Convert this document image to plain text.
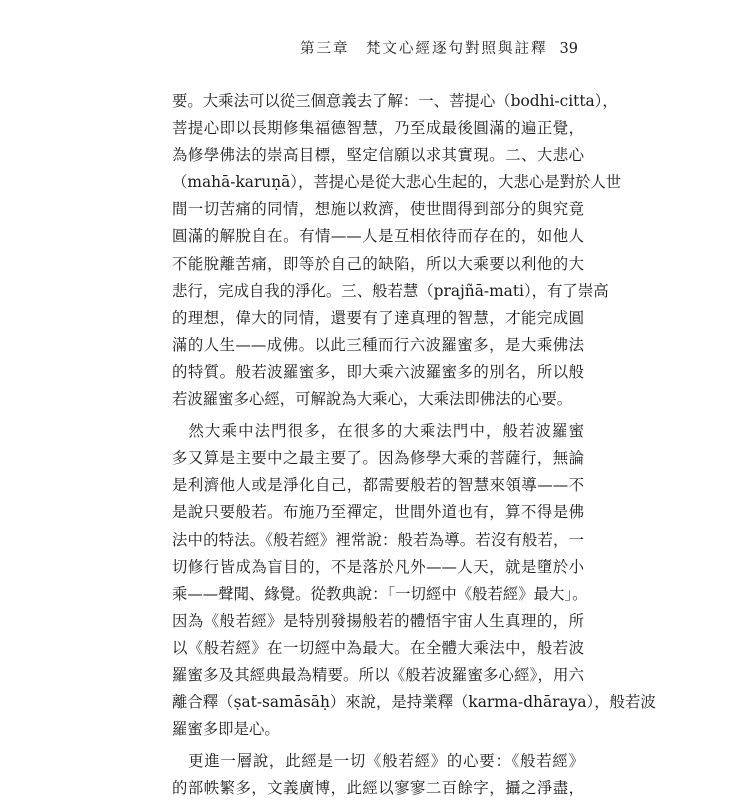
第三章　 梵文心經逐句對照與註釋 39
要。大乘法可以從三個意義去了解：一、菩提心（bodhi-citta），
菩提心即以長期修集福德智慧，乃至成最後圓滿的遍正覺，
為修學佛法的崇高目標，堅定信願以求其實現。二、大悲心
（mahā-karuṇā），菩提心是從大悲心生起的，大悲心是對於人世
間一切苦痛的同情，想施以救濟，使世間得到部分的與究竟
圓滿的解脫自在。有情——人是互相依待而存在的，如他人
不能脫離苦痛，即等於自己的缺陷，所以大乘要以利他的大
悲行，完成自我的淨化。三、般若慧（prajñā-mati），有了崇高
的理想，偉大的同情，還要有了達真理的智慧，才能完成圓
滿的人生——成佛。以此三種而行六波羅蜜多，是大乘佛法
的特質。般若波羅蜜多，即大乘六波羅蜜多的別名，所以般
若波羅蜜多心經，可解說為大乘心，大乘法即佛法的心要。
　然大乘中法門很多，在很多的大乘法門中，般若波羅蜜
多又算是主要中之最主要了。因為修學大乘的菩薩行，無論
是利濟他人或是淨化自己，都需要般若的智慧來領導——不
是說只要般若。布施乃至禪定，世間外道也有，算不得是佛
法中的特法。《般若經》裡常說：般若為導。若沒有般若，一
切修行皆成為盲目的，不是落於凡外——人天，就是墮於小
乘——聲聞、緣覺。從教典說：「一切經中《般若經》最大」。
因為《般若經》是特別發揚般若的體悟宇宙人生真理的，所
以《般若經》在一切經中為最大。在全體大乘法中，般若波
羅蜜多及其經典最為精要。所以《般若波羅蜜多心經》，用六
離合釋（ṣat-samāsāḥ）來說，是持業釋（karma-dhāraya），般若波
羅蜜多即是心。
　更進一層說，此經是一切《般若經》的心要：《般若經》
的部帙繁多，文義廣博，此經以寥寥二百餘字，攝之淨盡，
